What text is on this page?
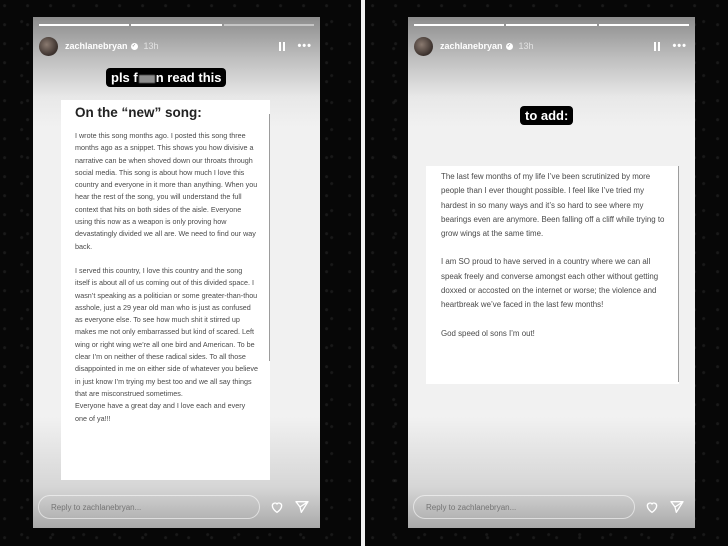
zachlanebryan ✓ 13h	•••
pls f n read this
On the “new” song:

I wrote this song months ago. I posted this song three months ago as a snippet. This shows you how divisive a narrative can be when shoved down our throats through social media. This song is about how much I love this country and everyone in it more than anything. When you hear the rest of the song, you will understand the full context that hits on both sides of the aisle. Everyone using this now as a weapon is only proving how devastatingly divided we all are. We need to find our way back.

I served this country, I love this country and the song itself is about all of us coming out of this divided space. I wasn’t speaking as a politician or some greater-than-thou asshole, just a 29 year old man who is just as confused as everyone else. To see how much shit it stirred up makes me not only embarrassed but kind of scared. Left wing or right wing we’re all one bird and American. To be clear I’m on neither of these radical sides. To all those disappointed in me on either side of whatever you believe in just know I’m trying my best too and we all say things that are misconstrued sometimes.

Everyone have a great day and I love each and every one of ya!!!

Reply to zachlanebryan...
zachlanebryan ✓ 13h	•••
to add:

The last few months of my life I’ve been scrutinized by more people than I ever thought possible. I feel like I’ve tried my hardest in so many ways and it’s so hard to see where my bearings even are anymore. Been falling off a cliff while trying to grow wings at the same time.

I am SO proud to have served in a country where we can all speak freely and converse amongst each other without getting doxxed or accosted on the internet or worse; the violence and heartbreak we’ve faced in the last few months!

God speed ol sons I’m out!

Reply to zachlanebryan...
